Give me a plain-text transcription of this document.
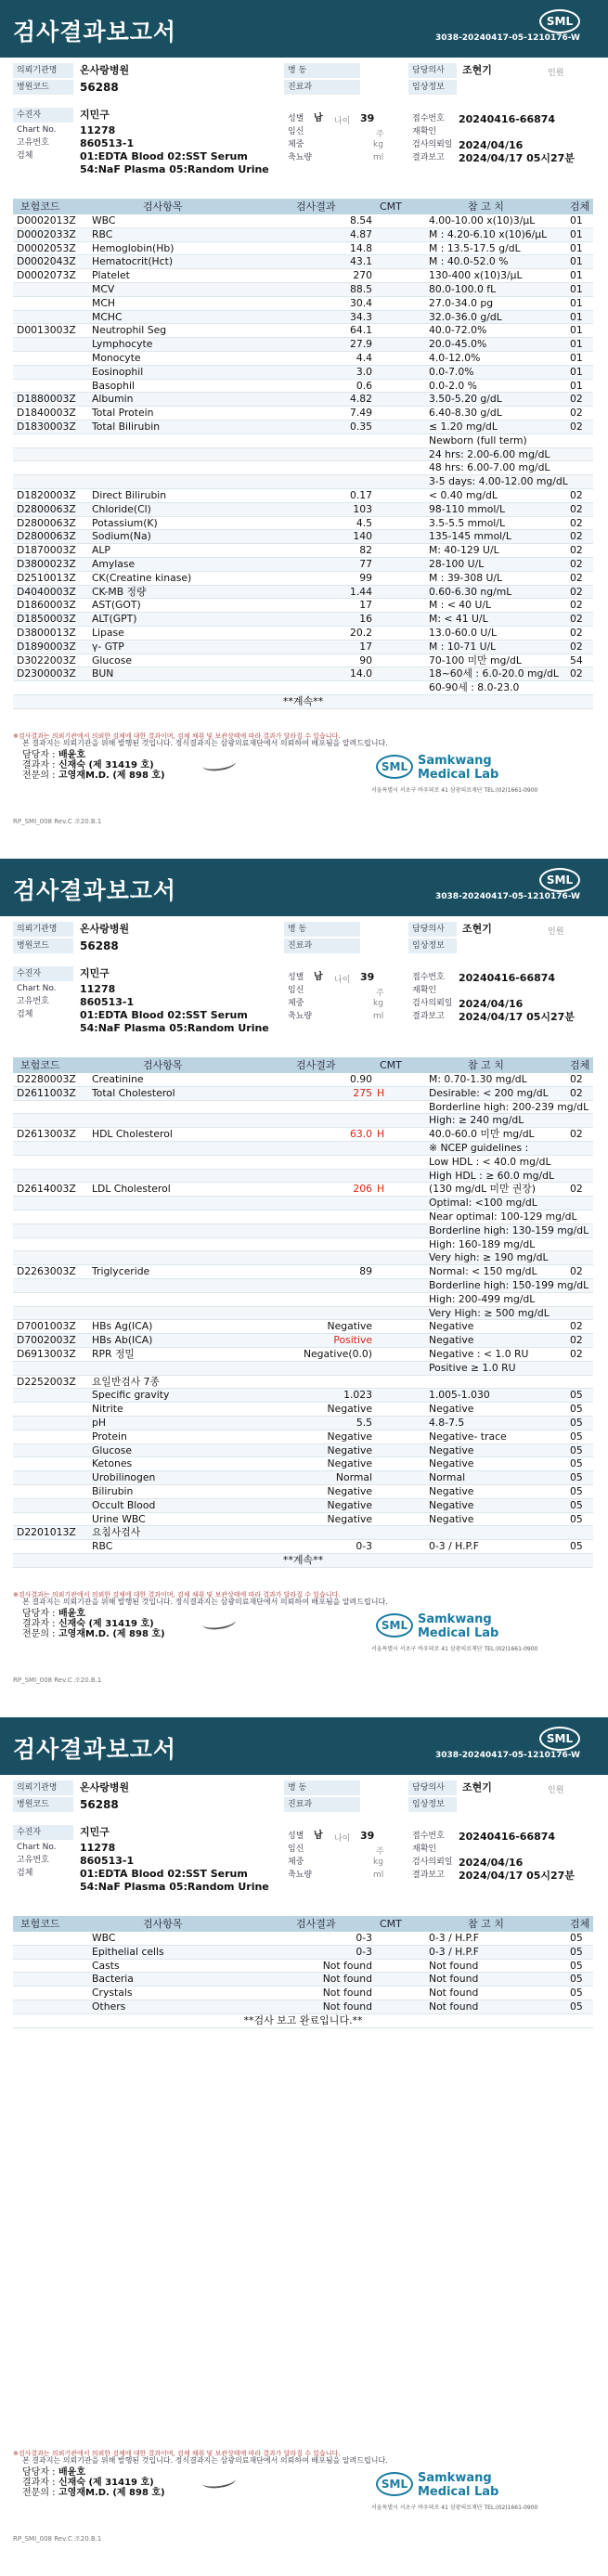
검사결과보고서	SML
3038-20240417-05-1210176-W
의뢰기관명	온사랑병원
병원코드	56288
병 동
진료과
담당의사	조현기	인원
임상정보
수진자	지민구
Chart No.	11278
고유번호	860513-1
검체	01:EDTA Blood 02:SST Serum
54:NaF Plasma 05:Random Urine
성별	남 나이 39
임신	주
체중	kg
축뇨량	ml
접수번호	20240416-66874
재확인
검사의뢰일 2024/04/16
결과보고	2024/04/17 05시27분
보험코드	검사항목	검사결과	CMT	참 고 치	검체
D0002013Z	WBC	8.54	4.00-10.00 x(10)3/μL	01
D0002033Z	RBC	4.87	M : 4.20-6.10 x(10)6/μL	01
D0002053Z	Hemoglobin(Hb)	14.8	M : 13.5-17.5 g/dL	01
D0002043Z	Hematocrit(Hct)	43.1	M : 40.0-52.0 %	01
D0002073Z	Platelet	270	130-400 x(10)3/μL	01
MCV	88.5	80.0-100.0 fL	01
MCH	30.4	27.0-34.0 pg	01
MCHC	34.3	32.0-36.0 g/dL	01
D0013003Z	Neutrophil Seg	64.1	40.0-72.0%	01
Lymphocyte	27.9	20.0-45.0%	01
Monocyte	4.4	4.0-12.0%	01
Eosinophil	3.0	0.0-7.0%	01
Basophil	0.6	0.0-2.0 %	01
D1880003Z	Albumin	4.82	3.50-5.20 g/dL	02
D1840003Z	Total Protein	7.49	6.40-8.30 g/dL	02
D1830003Z	Total Bilirubin	0.35	≤ 1.20 mg/dL	02
Newborn (full term)
24 hrs: 2.00-6.00 mg/dL
48 hrs: 6.00-7.00 mg/dL
3-5 days: 4.00-12.00 mg/dL
D1820003Z	Direct Bilirubin	0.17	< 0.40 mg/dL	02
D2800063Z	Chloride(Cl)	103	98-110 mmol/L	02
D2800063Z	Potassium(K)	4.5	3.5-5.5 mmol/L	02
D2800063Z	Sodium(Na)	140	135-145 mmol/L	02
D1870003Z	ALP	82	M: 40-129 U/L	02
D3800023Z	Amylase	77	28-100 U/L	02
D2510013Z	CK(Creatine kinase)	99	M : 39-308 U/L	02
D4040003Z	CK-MB 정량	1.44	0.60-6.30 ng/mL	02
D1860003Z	AST(GOT)	17	M : < 40 U/L	02
D1850003Z	ALT(GPT)	16	M: < 41 U/L	02
D3800013Z	Lipase	20.2	13.0-60.0 U/L	02
D1890003Z	γ- GTP	17	M : 10-71 U/L	02
D3022003Z	Glucose	90	70-100 미만 mg/dL	54
D2300003Z	BUN	14.0	18~60세 : 6.0-20.0 mg/dL	02
60-90세 : 8.0-23.0
**계속**
※검사결과는 의뢰기관에서 의뢰한 검체에 대한 결과이며, 검체 채취 및 보관상태에 따라 결과가 달라질 수 있습니다.
본 결과지는 의뢰기관을 위해 발행된 것입니다. 정식결과지는 삼광의료재단에서 의뢰하여 배포됨을 알려드립니다.
담당자 : 배윤호
결과자 : 신재숙 (제 31419 호)
전문의 : 고영재M.D. (제 898 호)
SML Samkwang
Medical Lab
서울특별시 서초구 바우뫼로 41 삼광의료재단 TEL:(02)1661-0900
RP_SMI_008 Rev.C 조20.B.1
검사결과보고서	SML
3038-20240417-05-1210176-W
의뢰기관명	온사랑병원
병원코드	56288
병 동
진료과
담당의사	조현기	인원
임상정보
수진자	지민구
Chart No.	11278
고유번호	860513-1
검체	01:EDTA Blood 02:SST Serum
54:NaF Plasma 05:Random Urine
성별	남 나이 39
임신	주
체중	kg
축뇨량	ml
접수번호	20240416-66874
재확인
검사의뢰일 2024/04/16
결과보고	2024/04/17 05시27분
보험코드	검사항목	검사결과	CMT	참 고 치	검체
D2280003Z	Creatinine	0.90	M: 0.70-1.30 mg/dL	02
D2611003Z	Total Cholesterol	275 H	Desirable: < 200 mg/dL	02
Borderline high: 200-239 mg/dL
High: ≥ 240 mg/dL
D2613003Z	HDL Cholesterol	63.0 H	40.0-60.0 미만 mg/dL	02
※ NCEP guidelines :
Low HDL : < 40.0 mg/dL
High HDL : ≥ 60.0 mg/dL
D2614003Z	LDL Cholesterol	206 H	(130 mg/dL 미만 권장)	02
Optimal: <100 mg/dL
Near optimal: 100-129 mg/dL
Borderline high: 130-159 mg/dL
High: 160-189 mg/dL
Very high: ≥ 190 mg/dL
D2263003Z	Triglyceride	89	Normal: < 150 mg/dL	02
Borderline high: 150-199 mg/dL
High: 200-499 mg/dL
Very High: ≥ 500 mg/dL
D7001003Z	HBs Ag(ICA)	Negative	Negative	02
D7002003Z	HBs Ab(ICA)	Positive	Negative	02
D6913003Z	RPR 정밀	Negative(0.0)	Negative : < 1.0 RU	02
Positive ≥ 1.0 RU
D2252003Z	요일반검사 7종
Specific gravity	1.023	1.005-1.030	05
Nitrite	Negative	Negative	05
pH	5.5	4.8-7.5	05
Protein	Negative	Negative- trace	05
Glucose	Negative	Negative	05
Ketones	Negative	Negative	05
Urobilinogen	Normal	Normal	05
Bilirubin	Negative	Negative	05
Occult Blood	Negative	Negative	05
Urine WBC	Negative	Negative	05
D2201013Z	요침사검사
RBC	0-3	0-3 / H.P.F	05
**계속**
※검사결과는 의뢰기관에서 의뢰한 검체에 대한 결과이며, 검체 채취 및 보관상태에 따라 결과가 달라질 수 있습니다.
본 결과지는 의뢰기관을 위해 발행된 것입니다. 정식결과지는 삼광의료재단에서 의뢰하여 배포됨을 알려드립니다.
담당자 : 배윤호
결과자 : 신재숙 (제 31419 호)
전문의 : 고영재M.D. (제 898 호)
SML Samkwang
Medical Lab
서울특별시 서초구 바우뫼로 41 삼광의료재단 TEL:(02)1661-0900
RP_SMI_008 Rev.C 조20.B.1
검사결과보고서	SML
3038-20240417-05-1210176-W
의뢰기관명	온사랑병원
병원코드	56288
병 동
진료과
담당의사	조현기	인원
임상정보
수진자	지민구
Chart No.	11278
고유번호	860513-1
검체	01:EDTA Blood 02:SST Serum
54:NaF Plasma 05:Random Urine
성별	남 나이 39
임신	주
체중	kg
축뇨량	ml
접수번호	20240416-66874
재확인
검사의뢰일 2024/04/16
결과보고	2024/04/17 05시27분
보험코드	검사항목	검사결과	CMT	참 고 치	검체
WBC	0-3	0-3 / H.P.F	05
Epithelial cells	0-3	0-3 / H.P.F	05
Casts	Not found	Not found	05
Bacteria	Not found	Not found	05
Crystals	Not found	Not found	05
Others	Not found	Not found	05
**검사 보고 완료입니다.**
※검사결과는 의뢰기관에서 의뢰한 검체에 대한 결과이며, 검체 채취 및 보관상태에 따라 결과가 달라질 수 있습니다.
본 결과지는 의뢰기관을 위해 발행된 것입니다. 정식결과지는 삼광의료재단에서 의뢰하여 배포됨을 알려드립니다.
담당자 : 배윤호
결과자 : 신재숙 (제 31419 호)
전문의 : 고영재M.D. (제 898 호)
SML Samkwang
Medical Lab
서울특별시 서초구 바우뫼로 41 삼광의료재단 TEL:(02)1661-0900
RP_SMI_008 Rev.C 조20.B.1
